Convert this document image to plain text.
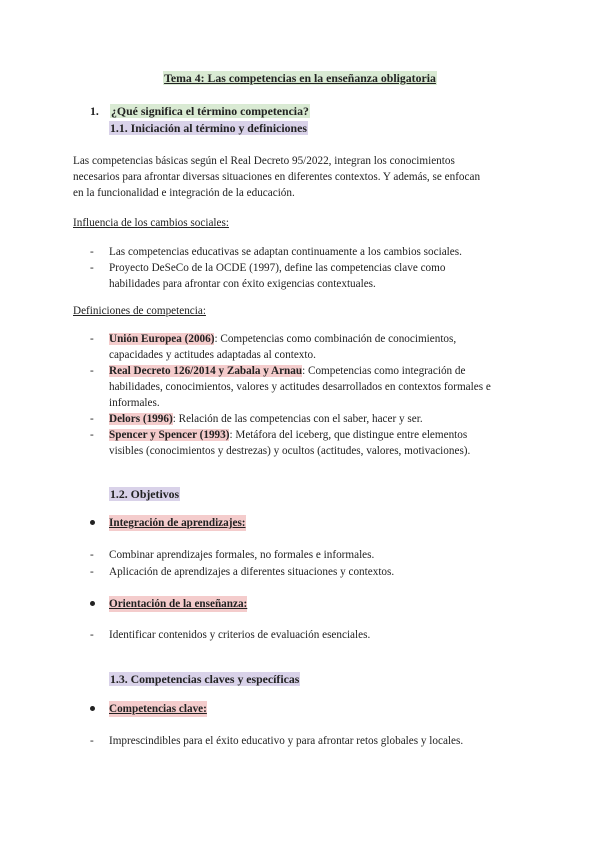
Tema 4: Las competencias en la enseñanza obligatoria
1. ¿Qué significa el término competencia?
1.1. Iniciación al término y definiciones
Las competencias básicas según el Real Decreto 95/2022, integran los conocimientos
necesarios para afrontar diversas situaciones en diferentes contextos. Y además, se enfocan
en la funcionalidad e integración de la educación.
Influencia de los cambios sociales:
- Las competencias educativas se adaptan continuamente a los cambios sociales.
- Proyecto DeSeCo de la OCDE (1997), define las competencias clave como
habilidades para afrontar con éxito exigencias contextuales.
Definiciones de competencia:
- Unión Europea (2006): Competencias como combinación de conocimientos,
capacidades y actitudes adaptadas al contexto.
- Real Decreto 126/2014 y Zabala y Arnau: Competencias como integración de
habilidades, conocimientos, valores y actitudes desarrollados en contextos formales e
informales.
- Delors (1996): Relación de las competencias con el saber, hacer y ser.
- Spencer y Spencer (1993): Metáfora del iceberg, que distingue entre elementos
visibles (conocimientos y destrezas) y ocultos (actitudes, valores, motivaciones).
1.2. Objetivos
Integración de aprendizajes:
- Combinar aprendizajes formales, no formales e informales.
- Aplicación de aprendizajes a diferentes situaciones y contextos.
Orientación de la enseñanza:
- Identificar contenidos y criterios de evaluación esenciales.
1.3. Competencias claves y específicas
Competencias clave:
- Imprescindibles para el éxito educativo y para afrontar retos globales y locales.
